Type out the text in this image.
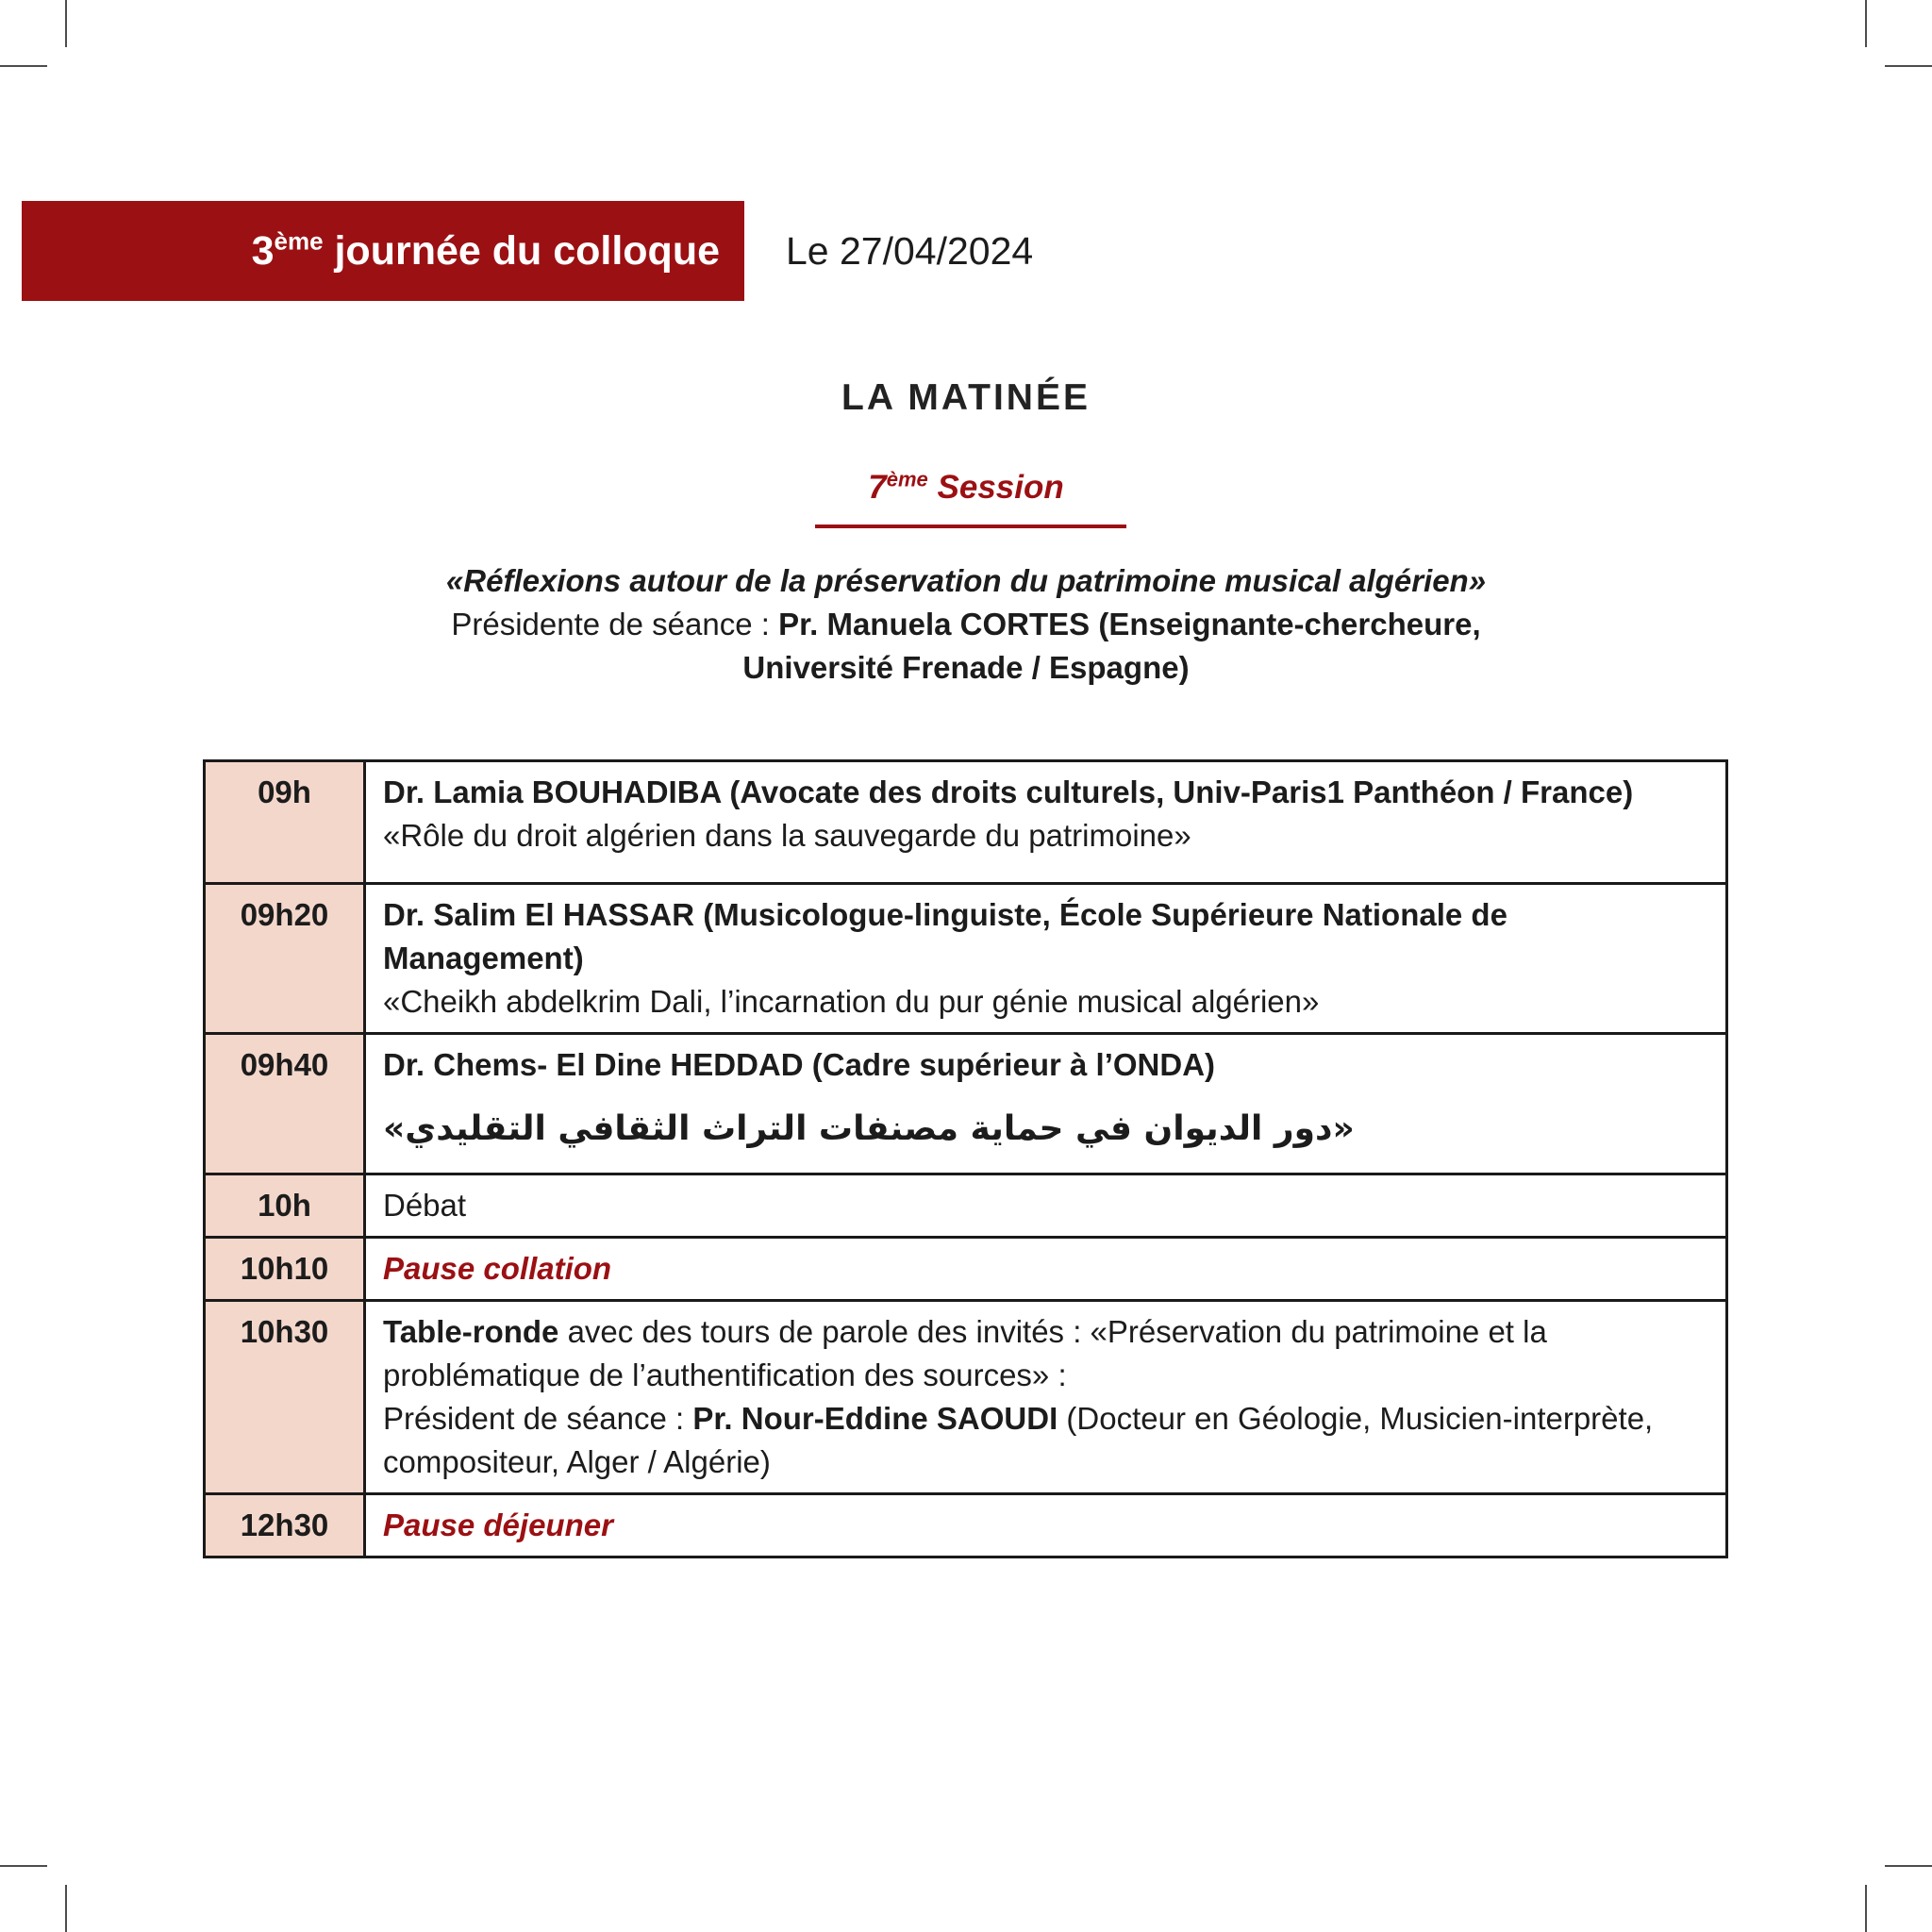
3ème journée du colloque Le 27/04/2024
LA MATINÉE
7ème Session
«Réflexions autour de la préservation du patrimoine musical algérien»
Présidente de séance : Pr. Manuela CORTES (Enseignante-chercheure,
Université Frenade / Espagne)
09h	Dr. Lamia BOUHADIBA (Avocate des droits culturels, Univ-Paris1 Panthéon / France)
«Rôle du droit algérien dans la sauvegarde du patrimoine»
09h20	Dr. Salim El HASSAR (Musicologue-linguiste, École Supérieure Nationale de Management)
«Cheikh abdelkrim Dali, l’incarnation du pur génie musical algérien»
09h40	Dr. Chems- El Dine HEDDAD (Cadre supérieur à l’ONDA)
«دور الديوان في حماية مصنفات التراث الثقافي التقليدي»
10h	Débat
10h10	Pause collation
10h30	Table-ronde avec des tours de parole des invités : «Préservation du patrimoine et la problématique de l’authentification des sources» :
Président de séance : Pr. Nour-Eddine SAOUDI (Docteur en Géologie, Musicien-interprète, compositeur, Alger / Algérie)
12h30	Pause déjeuner
